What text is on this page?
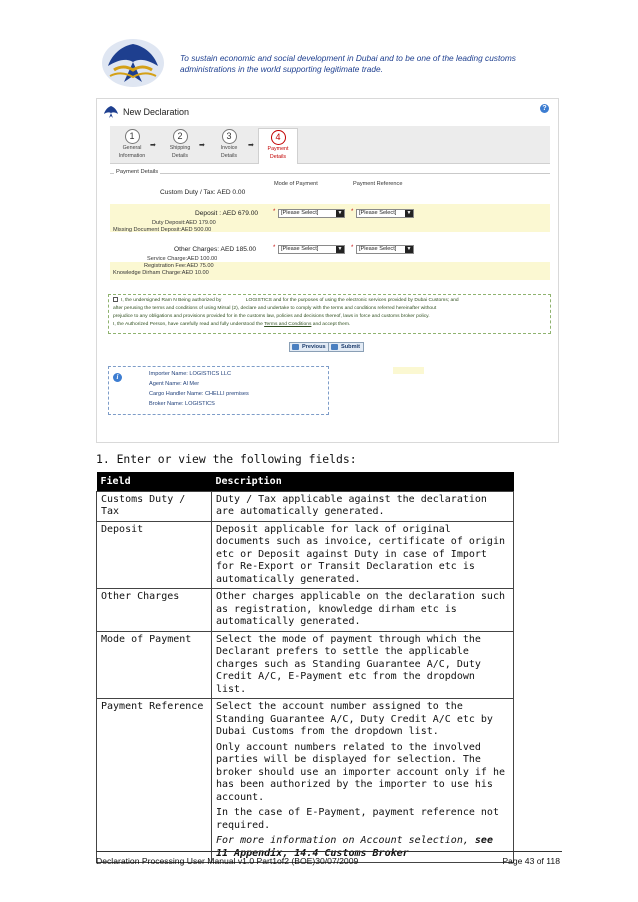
To sustain economic and social development in Dubai and to be one of the leading customs administrations in the world supporting legitimate trade.
New Declaration	?
1
General
Information
➡
2
Shipping
Details
➡
3
Invoice
Details
➡
4
Payment
Details
Payment Details
Mode of Payment	Payment Reference
Custom Duty / Tax: AED 0.00
Deposit : AED 679.00 *	[Please Select]	▼ *	[Please Select]	▼
Duty Deposit:AED 179.00
Missing Document Deposit:AED 500.00
Other Charges: AED 185.00	*	[Please Select]	▼ *	[Please Select]	▼
Service Charge:AED 100.00
Registration Fee:AED 75.00
Knowledge Dirham Charge:AED 10.00
I, the undersigned Ram N Being authorized by	LOGISTICS and for the purposes of using the electronic services provided by Dubai Customs; and
after perusing the terms and conditions of using Mirsal (2), declare and undertake to comply with the terms and conditions referred hereinafter without
prejudice to any obligations and provisions provided for in the customs law, policies and decisions thereof, laws in force and customs broker policy.
I, the Authorized Person, have carefully read and fully understood the Terms and Conditions and accept them.
Previous	Submit
i	Importer Name: LOGISTICS LLC
Agent Name: Al Mer
Cargo Handler Name: CHELLI premises
Broker Name: LOGISTICS
1. Enter or view the following fields:
Field	Description
Customs Duty / Tax	Duty / Tax applicable against the declaration are automatically generated.
Deposit	Deposit applicable for lack of original documents such as invoice, certificate of origin etc or Deposit against Duty in case of Import for Re-Export or Transit Declaration etc is automatically generated.
Other Charges	Other charges applicable on the declaration such as registration, knowledge dirham etc is automatically generated.
Mode of Payment	Select the mode of payment through which the Declarant prefers to settle the applicable charges such as Standing Guarantee A/C, Duty Credit A/C, E-Payment etc from the dropdown list.
Payment Reference	Select the account number assigned to the Standing Guarantee A/C, Duty Credit A/C etc by Dubai Customs from the dropdown list.

Only account numbers related to the involved parties will be displayed for selection. The broker should use an importer account only if he has been authorized by the importer to use his account.

In the case of E-Payment, payment reference not required.

For more information on Account selection, see 11 Appendix, 14.4 Customs Broker

Declaration Processing User Manual v1.0 Part1of2 (BOE)30/07/2009	Page 43 of 118
